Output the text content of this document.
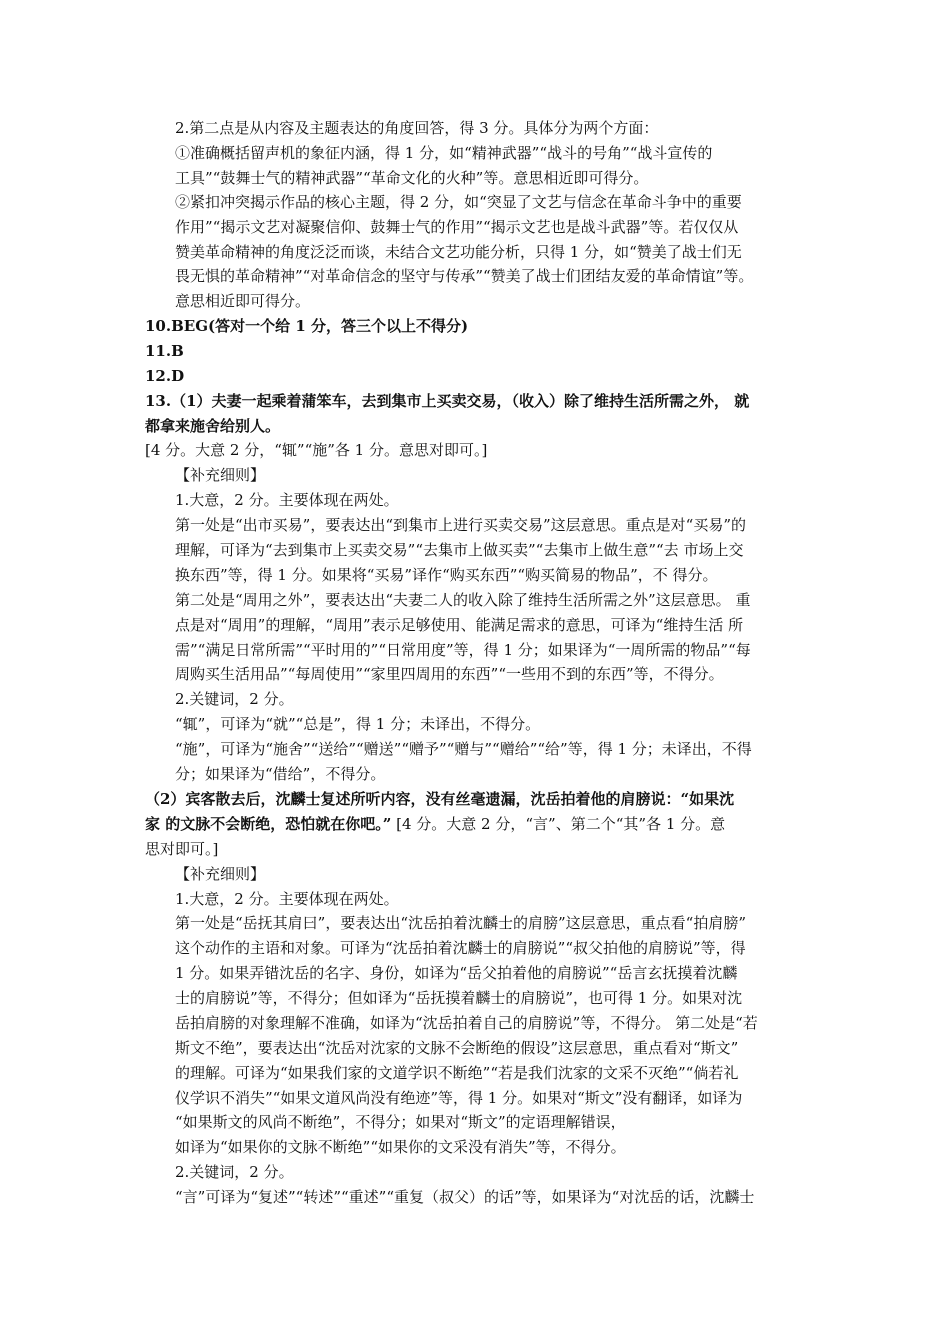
2.第二点是从内容及主题表达的角度回答，得 3 分。具体分为两个方面：
①准确概括留声机的象征内涵，得 1 分，如“精神武器”“战斗的号角”“战斗宣传的
工具”“鼓舞士气的精神武器”“革命文化的火种”等。意思相近即可得分。
②紧扣冲突揭示作品的核心主题，得 2 分，如“突显了文艺与信念在革命斗争中的重要
作用”“揭示文艺对凝聚信仰、鼓舞士气的作用”“揭示文艺也是战斗武器”等。若仅仅从
赞美革命精神的角度泛泛而谈，未结合文艺功能分析，只得 1 分，如“赞美了战士们无
畏无惧的革命精神”“对革命信念的坚守与传承”“赞美了战士们团结友爱的革命情谊”等。
意思相近即可得分。
10.BEG(答对一个给 1 分，答三个以上不得分)
11.B
12.D
13.（1）夫妻一起乘着蒲笨车，去到集市上买卖交易，（收入）除了维持生活所需之外， 就
都拿来施舍给别人。
[4 分。大意 2 分，“辄”“施”各 1 分。意思对即可。]
【补充细则】
1.大意，2 分。主要体现在两处。
第一处是“出市买易”，要表达出“到集市上进行买卖交易”这层意思。重点是对“买易”的
理解，可译为“去到集市上买卖交易”“去集市上做买卖”“去集市上做生意”“去 市场上交
换东西”等，得 1 分。如果将“买易”译作“购买东西”“购买简易的物品”，不 得分。
第二处是“周用之外”，要表达出“夫妻二人的收入除了维持生活所需之外”这层意思。 重
点是对“周用”的理解，“周用”表示足够使用、能满足需求的意思，可译为“维持生活 所
需”“满足日常所需”“平时用的”“日常用度”等，得 1 分；如果译为“一周所需的物品”“每
周购买生活用品”“每周使用”“家里四周用的东西”“一些用不到的东西”等，不得分。
2.关键词，2 分。
“辄”，可译为“就”“总是”，得 1 分；未译出，不得分。
“施”，可译为“施舍”“送给”“赠送”“赠予”“赠与”“赠给”“给”等，得 1 分；未译出，不得
分；如果译为“借给”，不得分。
（2）宾客散去后，沈麟士复述所听内容，没有丝毫遗漏，沈岳拍着他的肩膀说：“如果沈
家 的文脉不会断绝，恐怕就在你吧。” [4 分。大意 2 分，“言”、第二个“其”各 1 分。意
思对即可。]
【补充细则】
1.大意，2 分。主要体现在两处。
第一处是“岳抚其肩曰”，要表达出“沈岳拍着沈麟士的肩膀”这层意思，重点看“拍肩膀”
这个动作的主语和对象。可译为“沈岳拍着沈麟士的肩膀说”“叔父拍他的肩膀说”等，得
1 分。如果弄错沈岳的名字、身份，如译为“岳父拍着他的肩膀说”“岳言玄抚摸着沈麟
士的肩膀说”等，不得分；但如译为“岳抚摸着麟士的肩膀说”，也可得 1 分。如果对沈
岳拍肩膀的对象理解不准确，如译为“沈岳拍着自己的肩膀说”等，不得分。 第二处是“若
斯文不绝”，要表达出“沈岳对沈家的文脉不会断绝的假设”这层意思，重点看对“斯文”
的理解。可译为“如果我们家的文道学识不断绝”“若是我们沈家的文采不灭绝”“倘若礼
仪学识不消失”“如果文道风尚没有绝迹”等，得 1 分。如果对“斯文”没有翻译，如译为
“如果斯文的风尚不断绝”，不得分；如果对“斯文”的定语理解错误，
如译为“如果你的文脉不断绝”“如果你的文采没有消失”等，不得分。
2.关键词，2 分。
“言”可译为“复述”“转述”“重述”“重复（叔父）的话”等，如果译为“对沈岳的话，沈麟士
